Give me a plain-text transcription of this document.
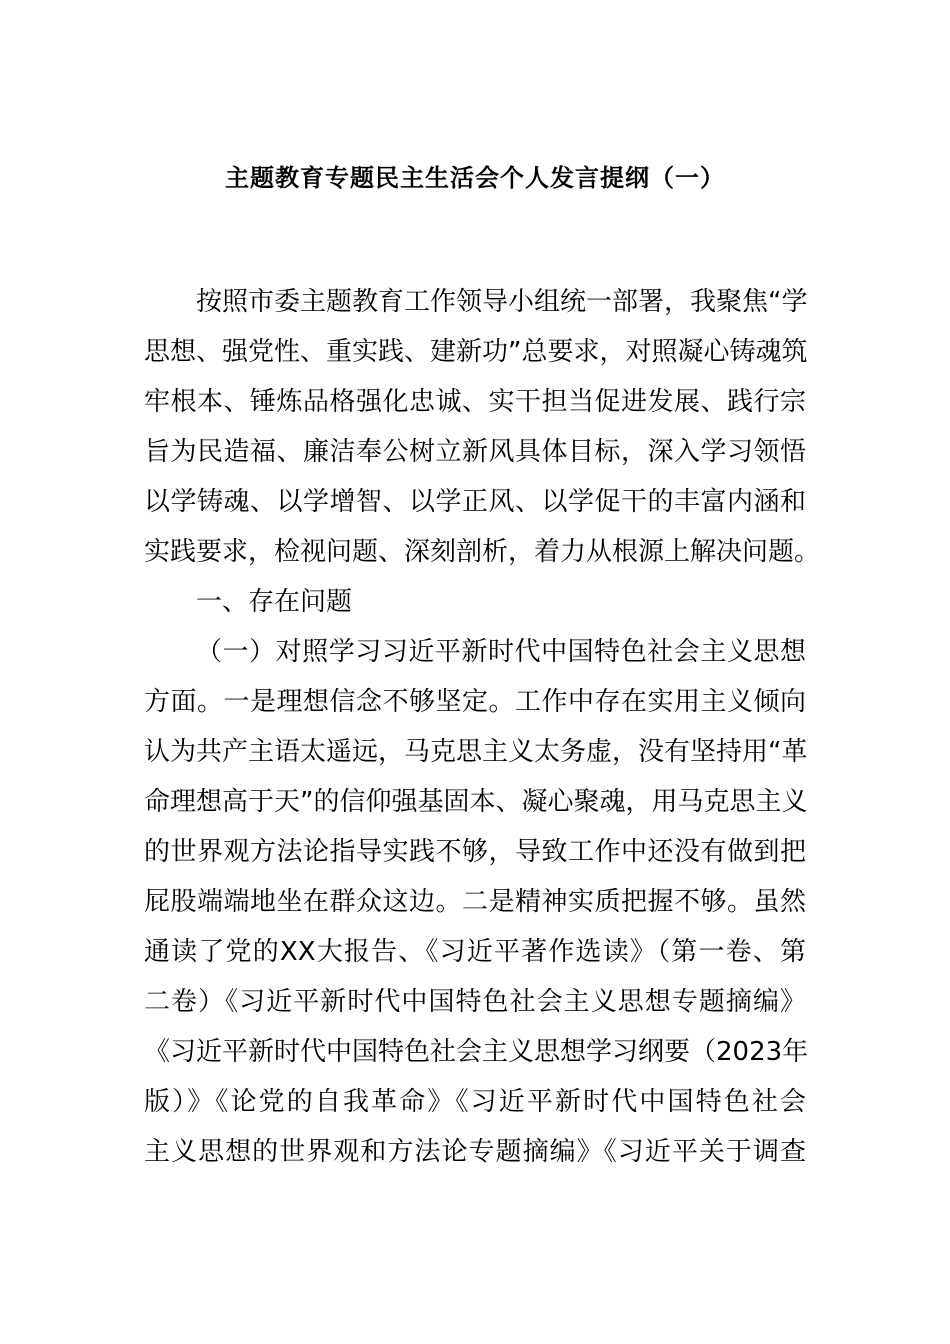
主题教育专题民主生活会个人发言提纲（一）
按照市委主题教育工作领导小组统一部署，我聚焦“学
思想、强党性、重实践、建新功”总要求，对照凝心铸魂筑
牢根本、锤炼品格强化忠诚、实干担当促进发展、践行宗
旨为民造福、廉洁奉公树立新风具体目标，深入学习领悟
以学铸魂、以学增智、以学正风、以学促干的丰富内涵和
实践要求，检视问题、深刻剖析，着力从根源上解决问题。
一、存在问题
（一）对照学习习近平新时代中国特色社会主义思想
方面。一是理想信念不够坚定。工作中存在实用主义倾向
认为共产主语太遥远，马克思主义太务虚，没有坚持用“革
命理想高于天”的信仰强基固本、凝心聚魂，用马克思主义
的世界观方法论指导实践不够，导致工作中还没有做到把
屁股端端地坐在群众这边。二是精神实质把握不够。虽然
通读了党的XX大报告、《习近平著作选读》（第一卷、第
二卷）《习近平新时代中国特色社会主义思想专题摘编》
《习近平新时代中国特色社会主义思想学习纲要（2023年
版）》《论党的自我革命》《习近平新时代中国特色社会
主义思想的世界观和方法论专题摘编》《习近平关于调查
